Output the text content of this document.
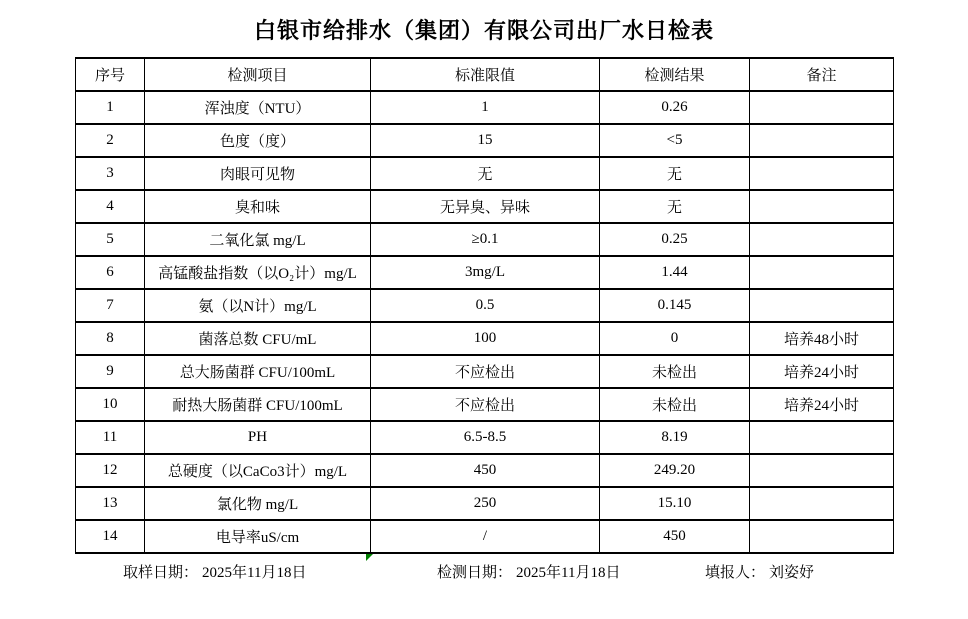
白银市给排水（集团）有限公司出厂水日检表
序号	检测项目	标准限值	检测结果	备注
1	浑浊度（NTU）	1	0.26	
2	色度（度）	15	<5	
3	肉眼可见物	无	无	
4	臭和味	无异臭、异味	无	
5	二氧化氯 mg/L	≥0.1	0.25	
6	高锰酸盐指数（以O₂计）mg/L	3mg/L	1.44	
7	氨（以N计）mg/L	0.5	0.145	
8	菌落总数 CFU/mL	100	0	培养48小时
9	总大肠菌群 CFU/100mL	不应检出	未检出	培养24小时
10	耐热大肠菌群 CFU/100mL	不应检出	未检出	培养24小时
11	PH	6.5-8.5	8.19	
12	总硬度（以CaCo3计）mg/L	450	249.20	
13	氯化物 mg/L	250	15.10	
14	电导率uS/cm	/	450	
取样日期： 2025年11月18日	检测日期： 2025年11月18日	填报人： 刘姿妤
